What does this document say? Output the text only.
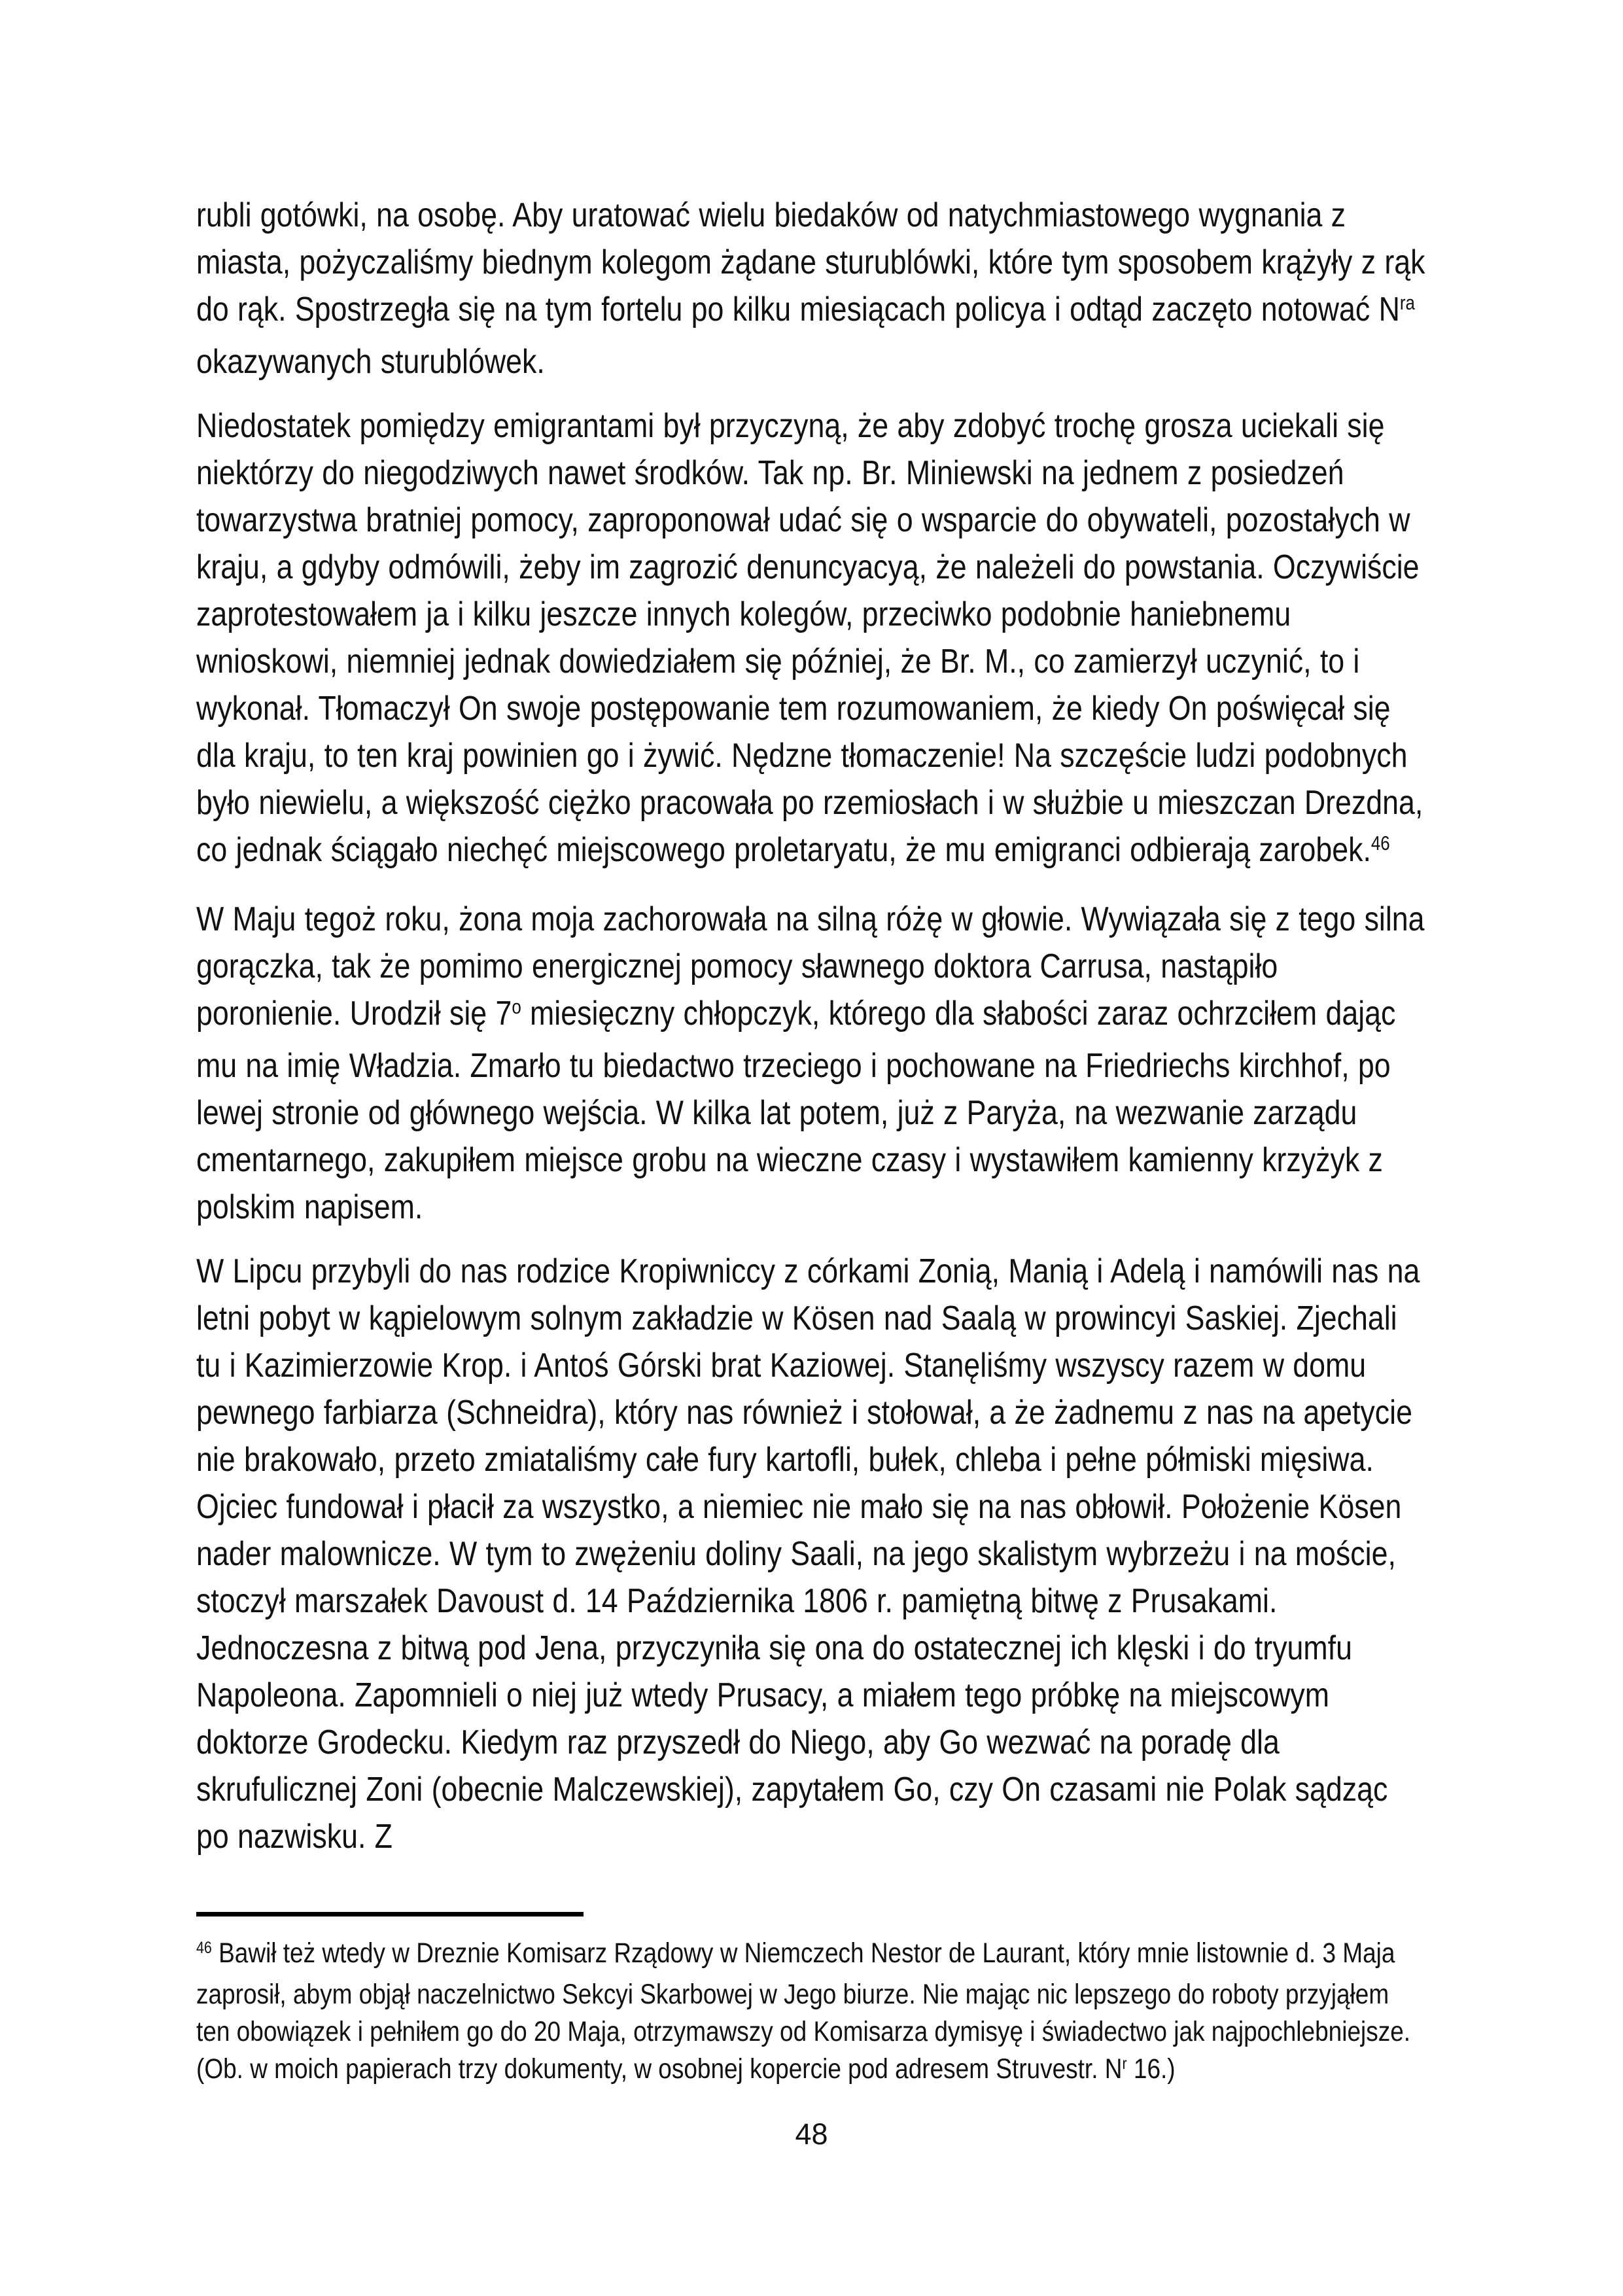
rubli gotówki, na osobę. Aby uratować wielu biedaków od natychmiastowego wygnania z miasta, pożyczaliśmy biednym kolegom żądane sturublówki, które tym sposobem krążyły z rąk do rąk. Spostrzegła się na tym fortelu po kilku miesiącach policya i odtąd zaczęto notować $N^{ra}$ okazywanych sturublówek.

Niedostatek pomiędzy emigrantami był przyczyną, że aby zdobyć trochę grosza uciekali się niektórzy do niegodziwych nawet środków. Tak np. Br. Miniewski na jednem z posiedzeń towarzystwa bratniej pomocy, zaproponował udać się o wsparcie do obywateli, pozostałych w kraju, a gdyby odmówili, żeby im zagrozić denuncyacyą, że należeli do powstania. Oczywiście zaprotestowałem ja i kilku jeszcze innych kolegów, przeciwko podobnie haniebnemu wnioskowi, niemniej jednak dowiedziałem się później, że Br. M., co zamierzył uczynić, to i wykonał. Tłomaczył On swoje postępowanie tem rozumowaniem, że kiedy On poświęcał się dla kraju, to ten kraj powinien go i żywić. Nędzne tłomaczenie! Na szczęście ludzi podobnych było niewielu, a większość ciężko pracowała po rzemiosłach i w służbie u mieszczan Drezdna, co jednak ściągało niechęć miejscowego proletaryatu, że mu emigranci odbierają zarobek.$^{46}$

W Maju tegoż roku, żona moja zachorowała na silną różę w głowie. Wywiązała się z tego silna gorączka, tak że pomimo energicznej pomocy sławnego doktora Carrusa, nastąpiło poronienie. Urodził się 7$^o$ miesięczny chłopczyk, którego dla słabości zaraz ochrzciłem dając mu na imię Władzia. Zmarło tu biedactwo trzeciego i pochowane na Friedriechs kirchhof, po lewej stronie od głównego wejścia. W kilka lat potem, już z Paryża, na wezwanie zarządu cmentarnego, zakupiłem miejsce grobu na wieczne czasy i wystawiłem kamienny krzyżyk z polskim napisem.

W Lipcu przybyli do nas rodzice Kropiwniccy z córkami Zonią, Manią i Adelą i namówili nas na letni pobyt w kąpielowym solnym zakładzie w Kösen nad Saalą w prowincyi Saskiej. Zjechali tu i Kazimierzowie Krop. i Antoś Górski brat Kaziowej. Stanęliśmy wszyscy razem w domu pewnego farbiarza (Schneidra), który nas również i stołował, a że żadnemu z nas na apetycie nie brakowało, przeto zmiataliśmy całe fury kartofli, bułek, chleba i pełne półmiski mięsiwa. Ojciec fundował i płacił za wszystko, a niemiec nie mało się na nas obłowił. Położenie Kösen nader malownicze. W tym to zwężeniu doliny Saali, na jego skalistym wybrzeżu i na moście, stoczył marszałek Davoust d. 14 Października 1806 r. pamiętną bitwę z Prusakami. Jednoczesna z bitwą pod Jena, przyczyniła się ona do ostatecznej ich klęski i do tryumfu Napoleona. Zapomnieli o niej już wtedy Prusacy, a miałem tego próbkę na miejscowym doktorze Grodecku. Kiedym raz przyszedł do Niego, aby Go wezwać na poradę dla skrufulicznej Zoni (obecnie Malczewskiej), zapytałem Go, czy On czasami nie Polak sądząc po nazwisku. Z

$^{46}$ Bawił też wtedy w Dreznie Komisarz Rządowy w Niemczech Nestor de Laurant, który mnie listownie d. 3 Maja zaprosił, abym objął naczelnictwo Sekcyi Skarbowej w Jego biurze. Nie mając nic lepszego do roboty przyjąłem ten obowiązek i pełniłem go do 20 Maja, otrzymawszy od Komisarza dymisyę i świadectwo jak najpochlebniejsze. (Ob. w moich papierach trzy dokumenty, w osobnej kopercie pod adresem Struvestr. $N^r$ 16.)
48
